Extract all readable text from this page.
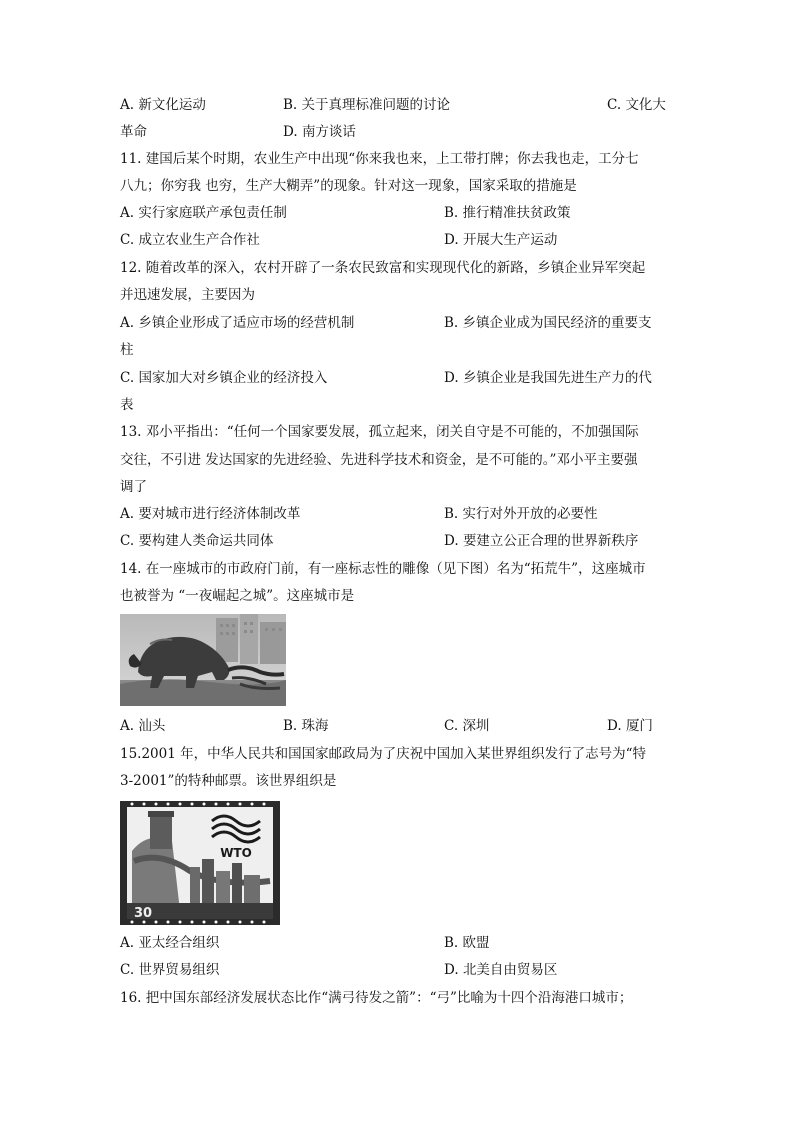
A. 新文化运动	B. 关于真理标准问题的讨论	C. 文化大
革命	D. 南方谈话
11. 建国后某个时期，农业生产中出现“你来我也来，上工带打牌；你去我也走，工分七
八九；你穷我 也穷，生产大糊弄”的现象。针对这一现象，国家采取的措施是
A. 实行家庭联产承包责任制	B. 推行精准扶贫政策
C. 成立农业生产合作社	D. 开展大生产运动
12. 随着改革的深入，农村开辟了一条农民致富和实现现代化的新路，乡镇企业异军突起
并迅速发展，主要因为
A. 乡镇企业形成了适应市场的经营机制	B. 乡镇企业成为国民经济的重要支
柱
C. 国家加大对乡镇企业的经济投入	D. 乡镇企业是我国先进生产力的代
表
13. 邓小平指出：“任何一个国家要发展，孤立起来，闭关自守是不可能的，不加强国际
交往，不引进 发达国家的先进经验、先进科学技术和资金，是不可能的。”邓小平主要强
调了
A. 要对城市进行经济体制改革	B. 实行对外开放的必要性
C. 要构建人类命运共同体	D. 要建立公正合理的世界新秩序
14. 在一座城市的市政府门前，有一座标志性的雕像（见下图）名为“拓荒牛”，这座城市
也被誉为 “一夜崛起之城”。这座城市是
A. 汕头	B. 珠海	C. 深圳	D. 厦门
15.2001 年，中华人民共和国国家邮政局为了庆祝中国加入某世界组织发行了志号为“特
3-2001”的特种邮票。该世界组织是
WTO
30
A. 亚太经合组织	B. 欧盟
C. 世界贸易组织	D. 北美自由贸易区
16. 把中国东部经济发展状态比作“满弓待发之箭”：“弓”比喻为十四个沿海港口城市；
